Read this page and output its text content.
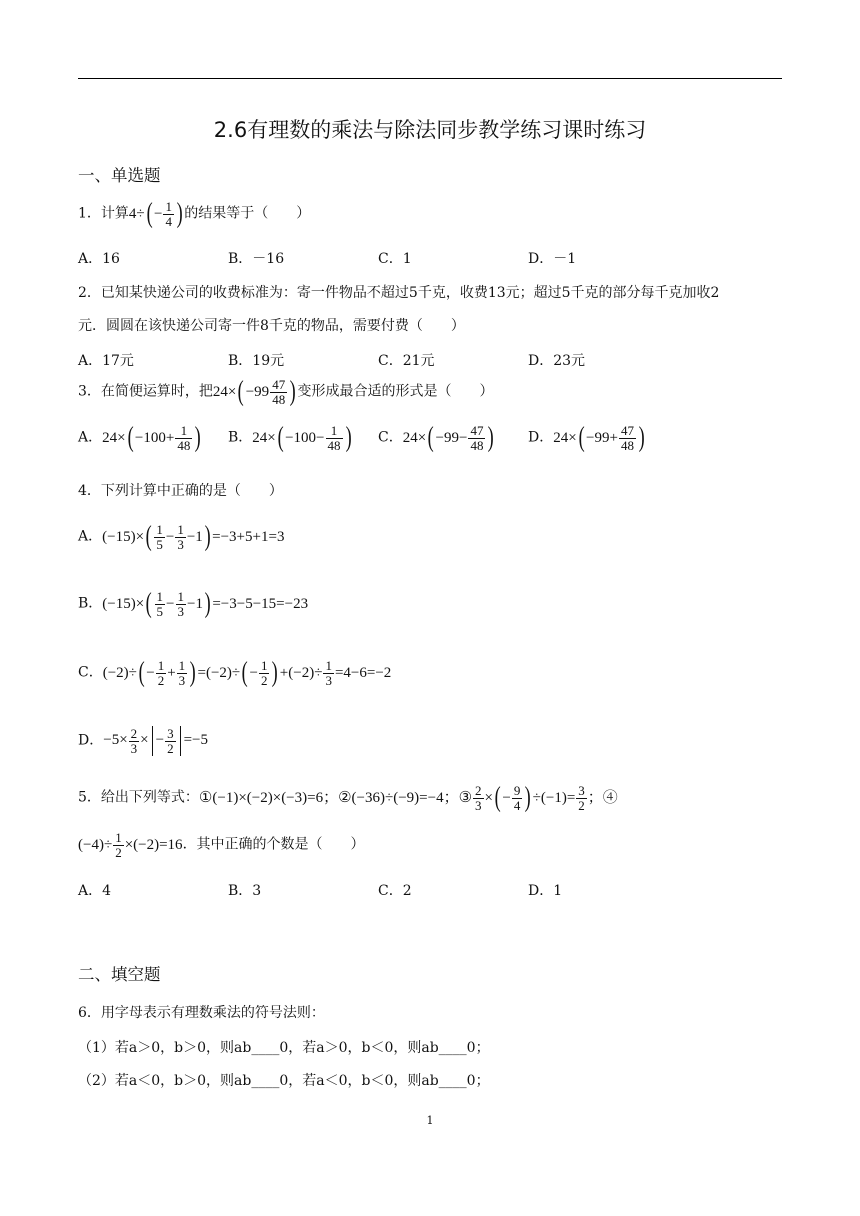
2.6有理数的乘法与除法同步教学练习课时练习
一、单选题
1．计算$4\div( - \frac{1}{4}$ ) 的结果等于（　　）
A．16	B．－16	C．1	D．－1
2．已知某快递公司的收费标准为：寄一件物品不超过5千克，收费13元；超过5千克的部分每千克加收2
元．圆圆在该快递公司寄一件8千克的物品，需要付费（　　）
A．17元	B．19元	C．21元	D．23元
3．在简便运算时，把$24\times( -99 \frac{47}{48}$ ) 变形成最合适的形式是（　　）
A．$24\times( -100+ \frac{1}{48}$ ) B．$24\times( -100- \frac{1}{48}$ ) C．$24\times( -99- \frac{47}{48}$ ) D．$24\times( -99+ \frac{47}{48}$ )
4．下列计算中正确的是（　　）
A．$(-15)\times( \frac{1}{5} - \frac{1}{3} -1) =-3+5+1=3$
B．$(-15)\times( \frac{1}{5} - \frac{1}{3} -1) =-3-5-15=-23$
C．$(-2)\div( - \frac{1}{2} + \frac{1}{3}$ ) $=(-2)\div( - \frac{1}{2}$ ) $+(-2)\div \frac{1}{3} =4-6=-2$
D．$-5\times \frac{2}{3}$ × − $\frac{3}{2} =-5$
5．给出下列等式：①(−1)×(−2)×(−3)=6；②(−36)÷(−9)=−4；③ $\frac{2}{3}$ ×( − $\frac{9}{4}$ ) $\div(-1)= \frac{3}{2}$ ；④
$(-4)\div \frac{1}{2} \times(-2)=16$．其中正确的个数是（　　）
A．4	B．3	C．2	D．1
二、填空题
6．用字母表示有理数乘法的符号法则：
（1）若a＞0，b＞0，则ab____0，若a＞0，b＜0，则ab____0；
（2）若a＜0，b＞0，则ab____0，若a＜0，b＜0，则ab____0；
1
